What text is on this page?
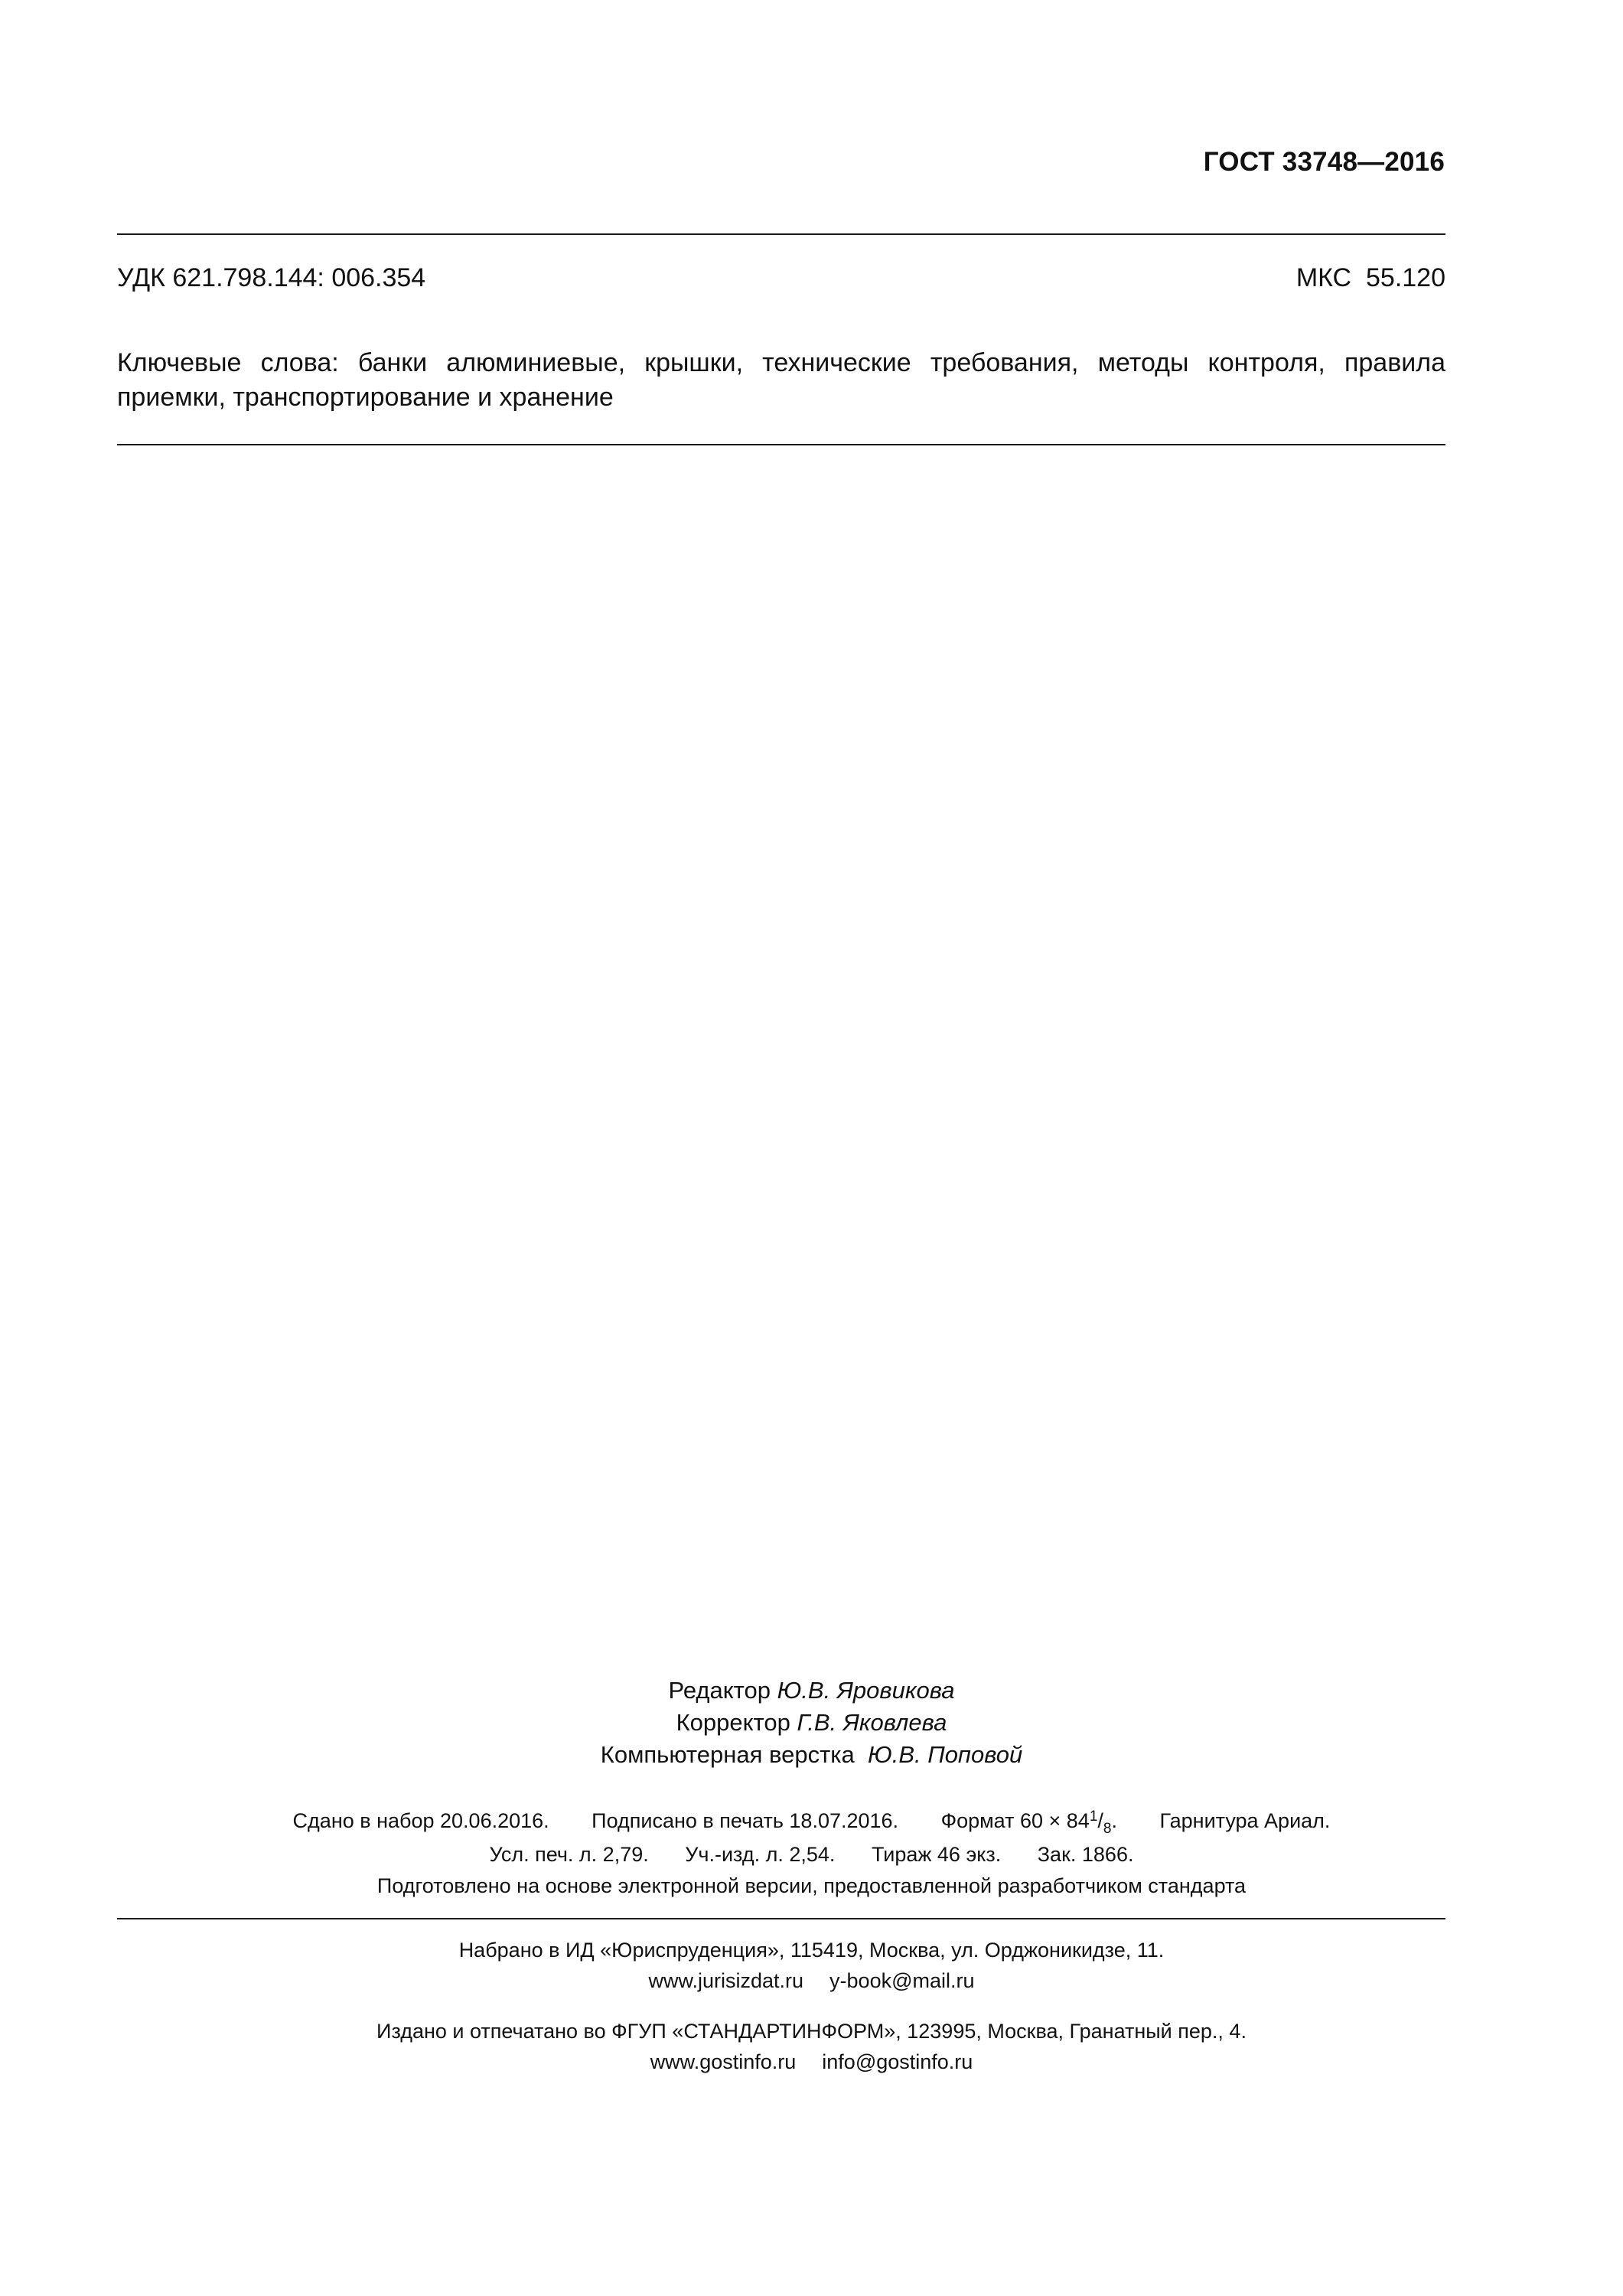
ГОСТ 33748—2016
УДК 621.798.144: 006.354	МКС  55.120
Ключевые слова: банки алюминиевые, крышки, технические требования, методы контроля, правила приемки, транспортирование и хранение
Редактор Ю.В. Яровикова
Корректор Г.В. Яковлева
Компьютерная верстка Ю.В. Поповой
Сдано в набор 20.06.2016. Подписано в печать 18.07.2016. Формат $60 \times 84^1/_8$. Гарнитура Ариал.
Усл. печ. л. 2,79. Уч.-изд. л. 2,54. Тираж 46 экз. Зак. 1866.
Подготовлено на основе электронной версии, предоставленной разработчиком стандарта
Набрано в ИД «Юриспруденция», 115419, Москва, ул. Орджоникидзе, 11.
www.jurisizdat.ru y-book@mail.ru
Издано и отпечатано во ФГУП «СТАНДАРТИНФОРМ», 123995, Москва, Гранатный пер., 4.
www.gostinfo.ru info@gostinfo.ru
